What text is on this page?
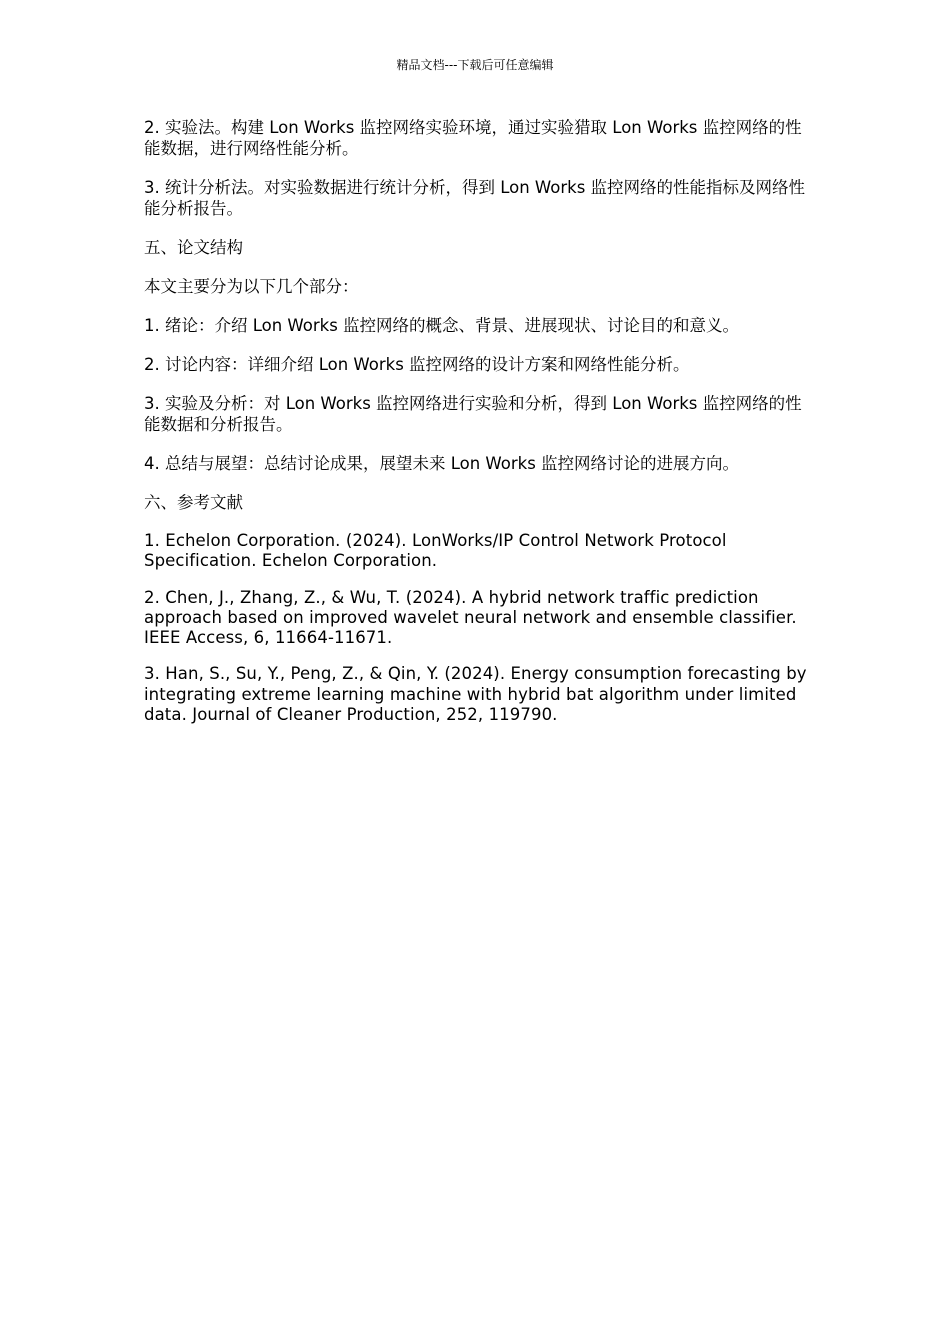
精品文档---下载后可任意编辑

2. 实验法。构建 Lon Works 监控网络实验环境，通过实验猎取 Lon Works 监控网络的性能数据，进行网络性能分析。

3. 统计分析法。对实验数据进行统计分析，得到 Lon Works 监控网络的性能指标及网络性能分析报告。

五、论文结构

本文主要分为以下几个部分：

1. 绪论：介绍 Lon Works 监控网络的概念、背景、进展现状、讨论目的和意义。

2. 讨论内容：详细介绍 Lon Works 监控网络的设计方案和网络性能分析。

3. 实验及分析：对 Lon Works 监控网络进行实验和分析，得到 Lon Works 监控网络的性能数据和分析报告。

4. 总结与展望：总结讨论成果，展望未来 Lon Works 监控网络讨论的进展方向。

六、参考文献

1. Echelon Corporation. (2024). LonWorks/IP Control Network Protocol Specification. Echelon Corporation.

2. Chen, J., Zhang, Z., & Wu, T. (2024). A hybrid network traffic prediction approach based on improved wavelet neural network and ensemble classifier. IEEE Access, 6, 11664-11671.

3. Han, S., Su, Y., Peng, Z., & Qin, Y. (2024). Energy consumption forecasting by integrating extreme learning machine with hybrid bat algorithm under limited data. Journal of Cleaner Production, 252, 119790.
